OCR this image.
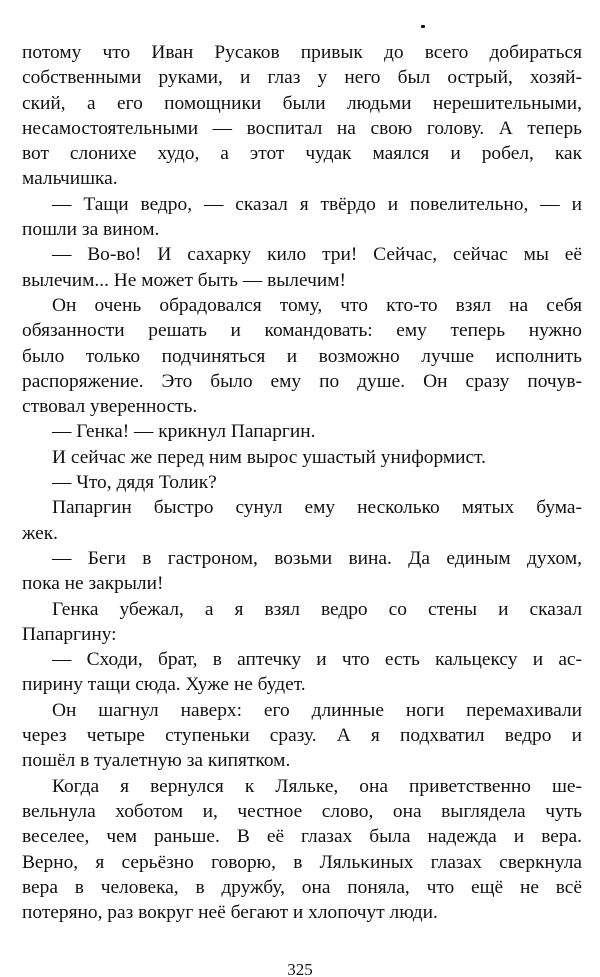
потому что Иван Русаков привык до всего добираться
собственными руками, и глаз у него был острый, хозяй-
ский, а его помощники были людьми нерешительными,
несамостоятельными — воспитал на свою голову. А теперь
вот слонихе худо, а этот чудак маялся и робел, как
мальчишка.
— Тащи ведро, — сказал я твёрдо и повелительно, — и
пошли за вином.
— Во-во! И сахарку кило три! Сейчас, сейчас мы её
вылечим... Не может быть — вылечим!
Он очень обрадовался тому, что кто-то взял на себя
обязанности решать и командовать: ему теперь нужно
было только подчиняться и возможно лучше исполнить
распоряжение. Это было ему по душе. Он сразу почув-
ствовал уверенность.
— Генка! — крикнул Папаргин.
И сейчас же перед ним вырос ушастый униформист.
— Что, дядя Толик?
Папаргин быстро сунул ему несколько мятых бума-
жек.
— Беги в гастроном, возьми вина. Да единым духом,
пока не закрыли!
Генка убежал, а я взял ведро со стены и сказал
Папаргину:
— Сходи, брат, в аптечку и что есть кальцексу и ас-
пирину тащи сюда. Хуже не будет.
Он шагнул наверх: его длинные ноги перемахивали
через четыре ступеньки сразу. А я подхватил ведро и
пошёл в туалетную за кипятком.
Когда я вернулся к Ляльке, она приветственно ше-
вельнула хоботом и, честное слово, она выглядела чуть
веселее, чем раньше. В её глазах была надежда и вера.
Верно, я серьёзно говорю, в Ляльκиных глазах сверкнула
вера в человека, в дружбу, она поняла, что ещё не всё
потеряно, раз вокруг неё бегают и хлопочут люди.
325
